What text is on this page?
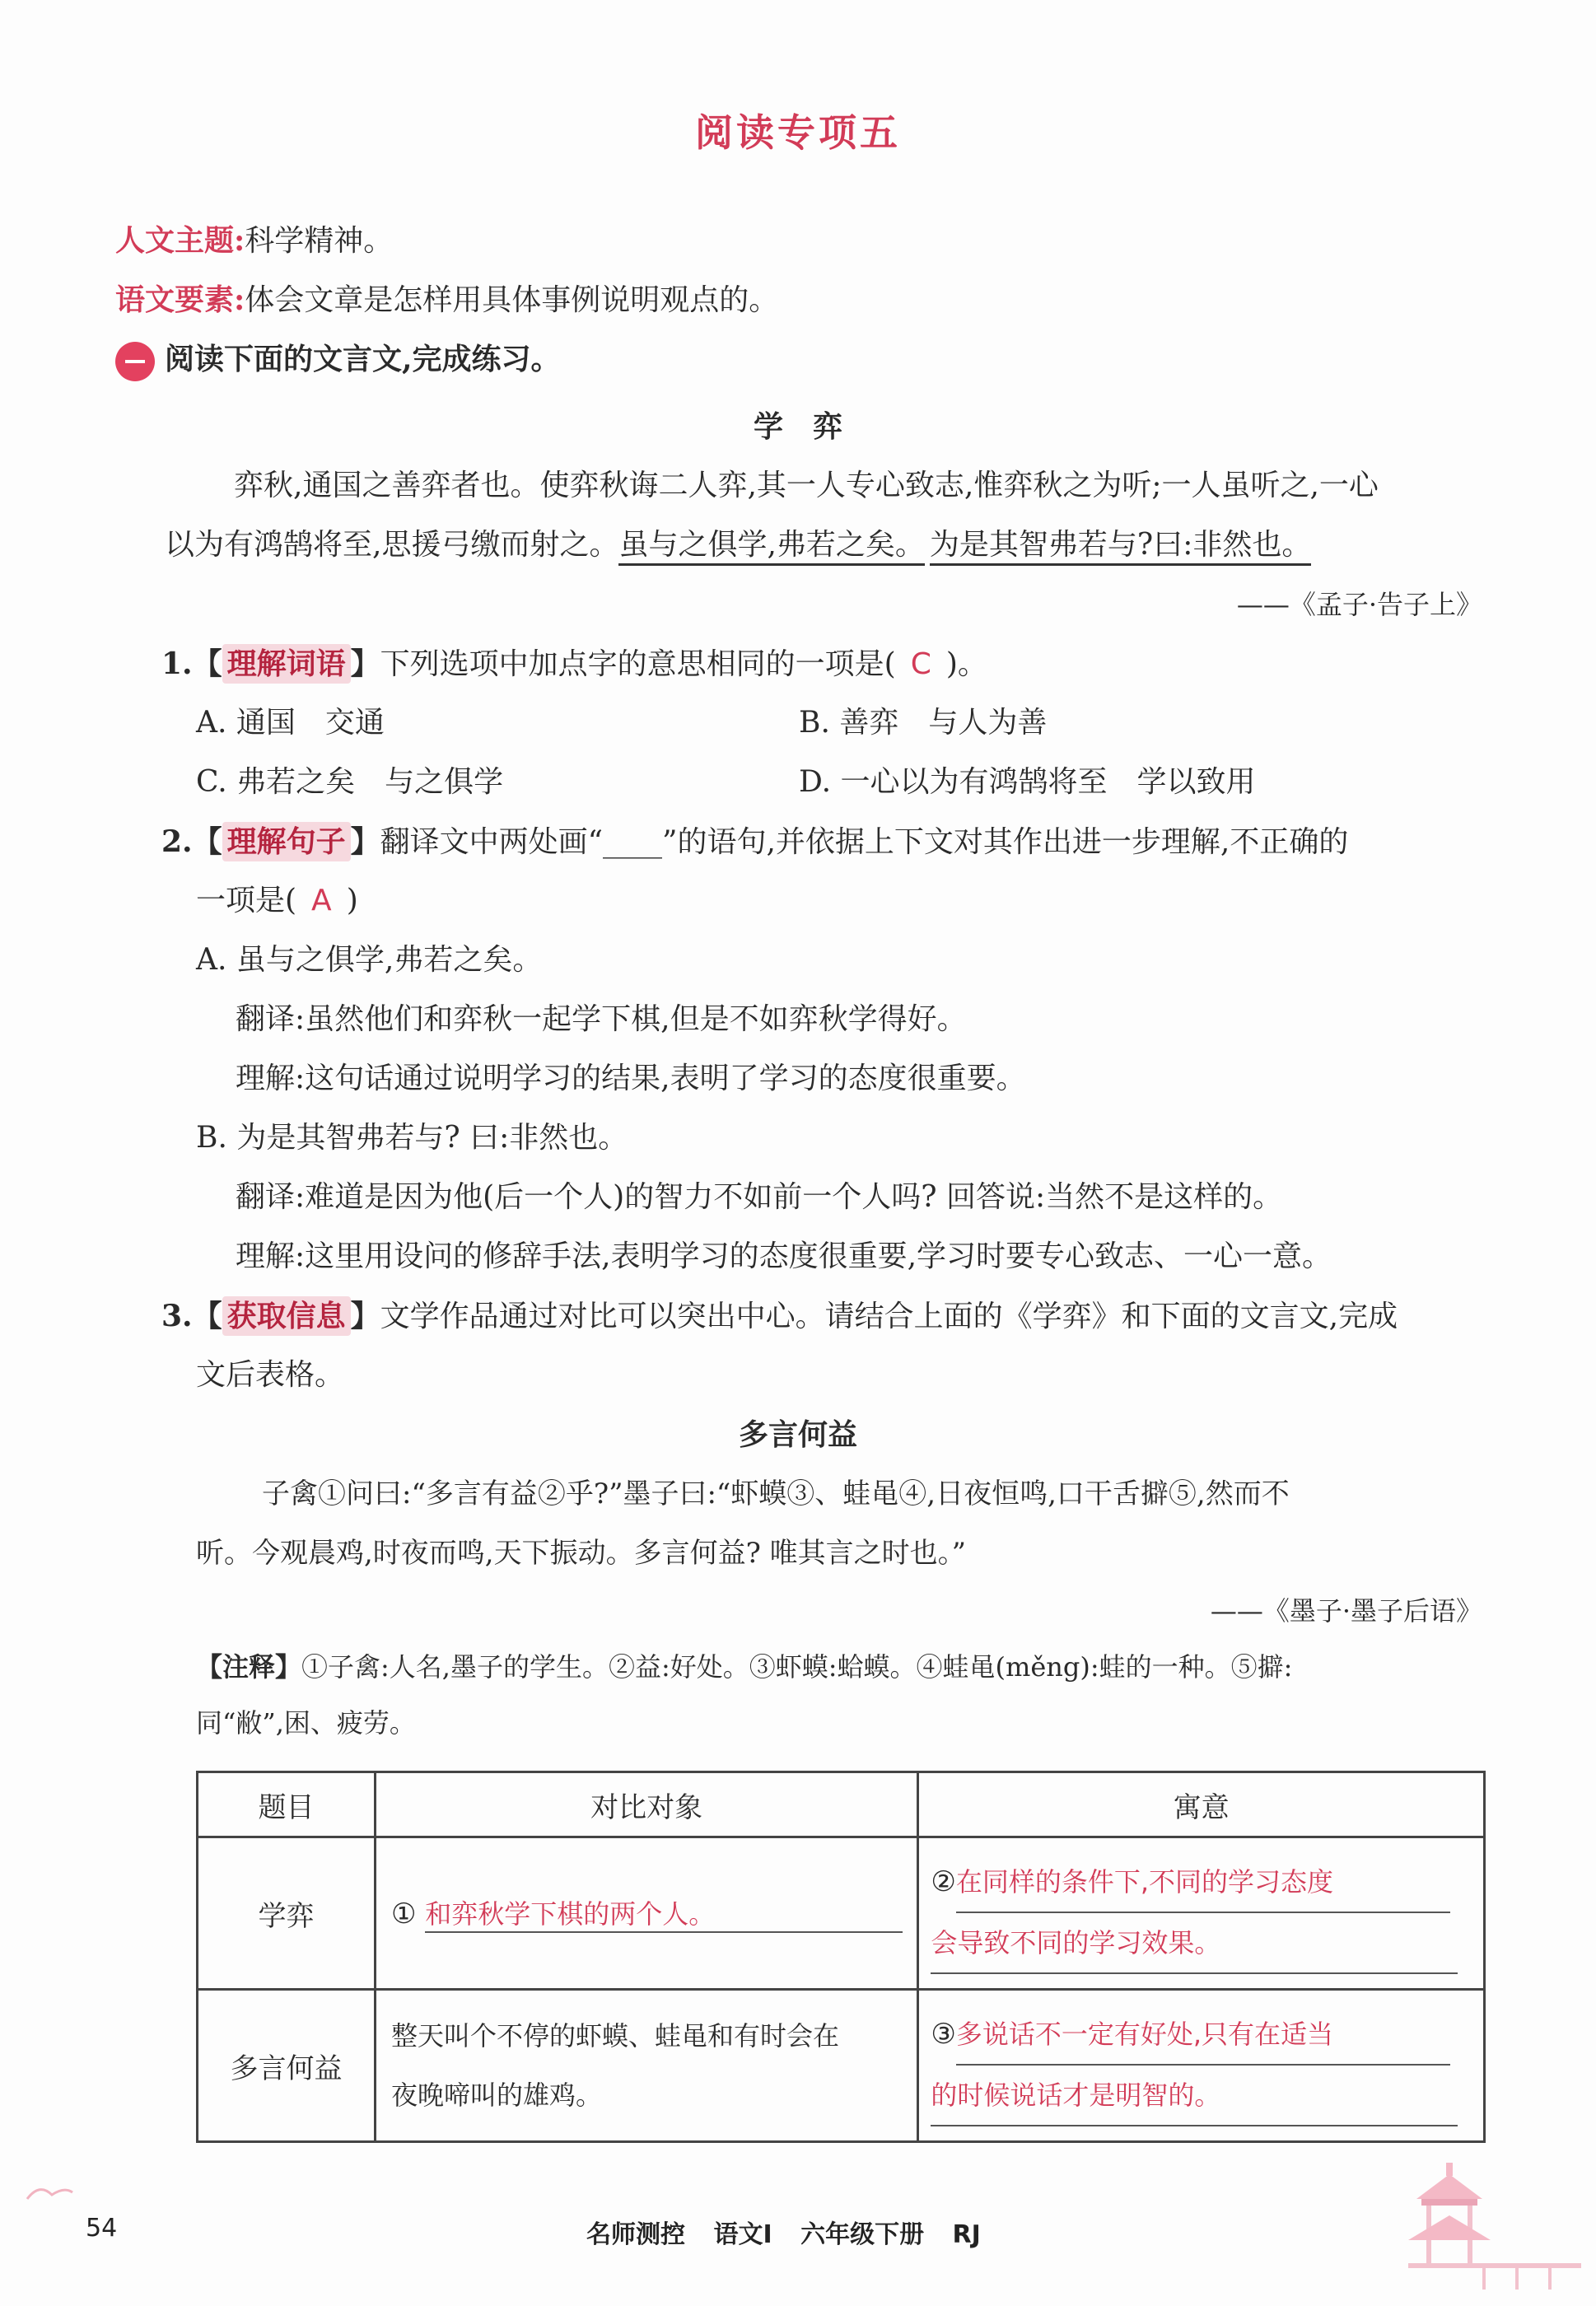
阅读专项五
人文主题:科学精神。
语文要素:体会文章是怎样用具体事例说明观点的。
阅读下面的文言文,完成练习。
学　弈
弈秋,通国之善弈者也。使弈秋诲二人弈,其一人专心致志,惟弈秋之为听;一人虽听之,一心
以为有鸿鹄将至,思援弓缴而射之。虽与之俱学,弗若之矣。 为是其智弗若与?曰:非然也。
——《孟子·告子上》
1.【 理解词语 】下列选项中加点字的意思相同的一项是( C )。
A. 通国　交通	B. 善弈　与人为善
C. 弗若之矣　与之俱学	D. 一心以为有鸿鹄将至　学以致用
2.【 理解句子 】翻译文中两处画“____”的语句,并依据上下文对其作出进一步理解,不正确的
一项是( A )
A. 虽与之俱学,弗若之矣。
翻译:虽然他们和弈秋一起学下棋,但是不如弈秋学得好。
理解:这句话通过说明学习的结果,表明了学习的态度很重要。
B. 为是其智弗若与? 曰:非然也。
翻译:难道是因为他(后一个人)的智力不如前一个人吗? 回答说:当然不是这样的。
理解:这里用设问的修辞手法,表明学习的态度很重要,学习时要专心致志、一心一意。
3.【 获取信息 】文学作品通过对比可以突出中心。请结合上面的《学弈》和下面的文言文,完成
文后表格。
多言何益
子禽①问曰:“多言有益②乎?”墨子曰:“虾蟆③、蛙黾④,日夜恒鸣,口干舌擗⑤,然而不
听。今观晨鸡,时夜而鸣,天下振动。多言何益? 唯其言之时也。”
——《墨子·墨子后语》
【注释】①子禽:人名,墨子的学生。②益:好处。③虾蟆:蛤蟆。④蛙黾(měng):蛙的一种。⑤擗:
同“敝”,困、疲劳。
题目	对比对象	寓意
学弈	① 和弈秋学下棋的两个人。	②在同样的条件下,不同的学习态度
会导致不同的学习效果。
多言何益	整天叫个不停的虾蟆、蛙黾和有时会在
夜晚啼叫的雄鸡。	③多说话不一定有好处,只有在适当
的时候说话才是明智的。
54	名师测控 语文Ⅰ 六年级下册 RJ
